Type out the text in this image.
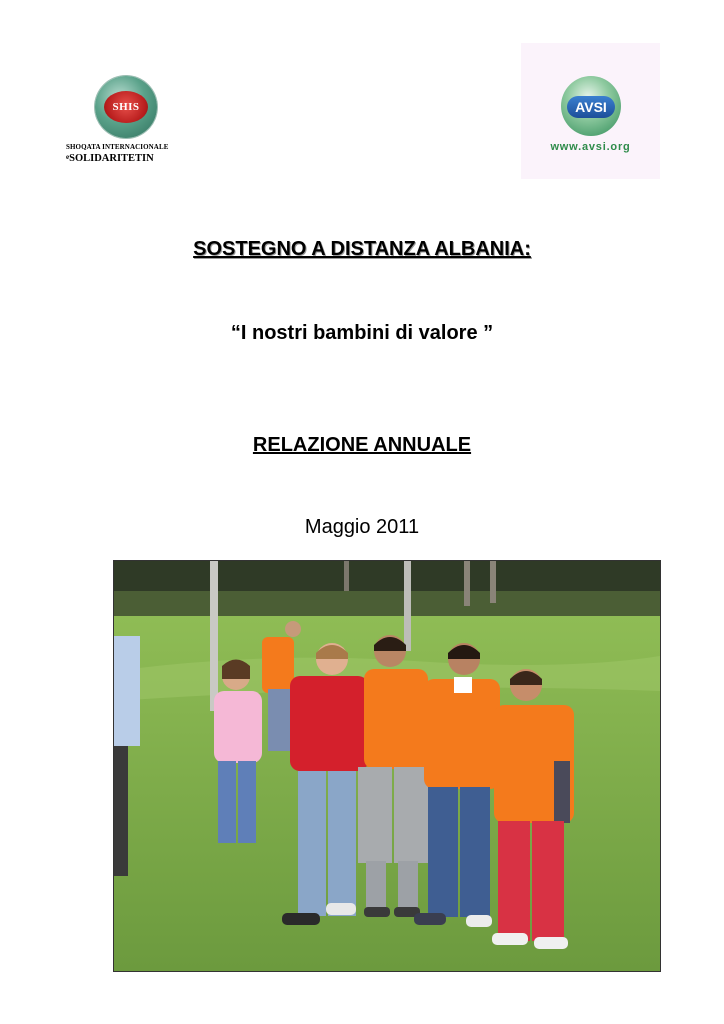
SHIS
SHOQATA INTERNACIONALE
$^e$SOLIDARITETIN
AVSI
www.avsi.org
SOSTEGNO A DISTANZA ALBANIA:
“I nostri bambini di valore ”
RELAZIONE ANNUALE
Maggio 2011
